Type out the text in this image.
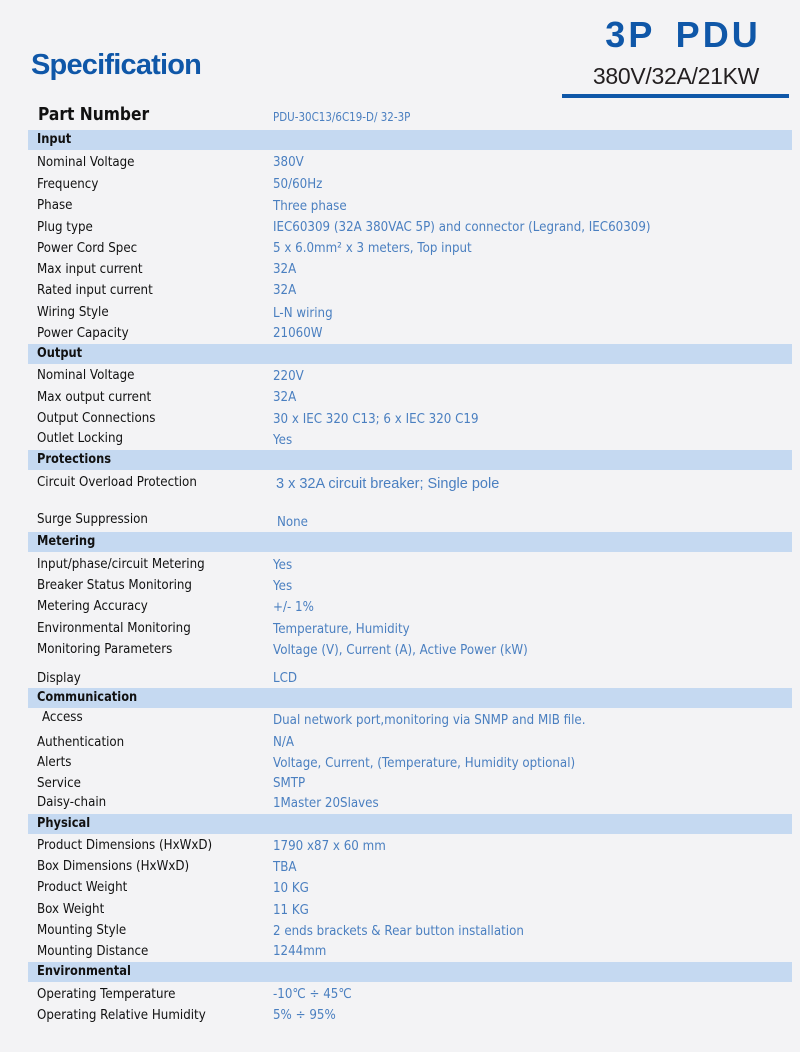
Specification
3P PDU
380V/32A/21KW
Part Number	PDU-30C13/6C19-D/ 32-3P
Input
Nominal Voltage	380V
Frequency	50/60Hz
Phase	Three phase
Plug type	IEC60309 (32A 380VAC 5P) and connector (Legrand, IEC60309)
Power Cord Spec	5 x 6.0mm² x 3 meters, Top input
Max input current	32A
Rated input current	32A
Wiring Style	L-N wiring
Power Capacity	21060W
Output
Nominal Voltage	220V
Max output current	32A
Output Connections	30 x IEC 320 C13; 6 x IEC 320 C19
Outlet Locking	Yes
Protections
Circuit Overload Protection	3 x 32A circuit breaker; Single pole
Surge Suppression	None
Metering
Input/phase/circuit Metering	Yes
Breaker Status Monitoring	Yes
Metering Accuracy	+/- 1%
Environmental Monitoring	Temperature, Humidity
Monitoring Parameters	Voltage (V), Current (A), Active Power (kW)
Display	LCD
Communication
Access	Dual network port,monitoring via SNMP and MIB file.
Authentication	N/A
Alerts	Voltage, Current, (Temperature, Humidity optional)
Service	SMTP
Daisy-chain	1Master 20Slaves
Physical
Product Dimensions (HxWxD)	1790 x87 x 60 mm
Box Dimensions (HxWxD)	TBA
Product Weight	10 KG
Box Weight	11 KG
Mounting Style	2 ends brackets & Rear button installation
Mounting Distance	1244mm
Environmental
Operating Temperature	-10℃ ÷ 45℃
Operating Relative Humidity	5% ÷ 95%
